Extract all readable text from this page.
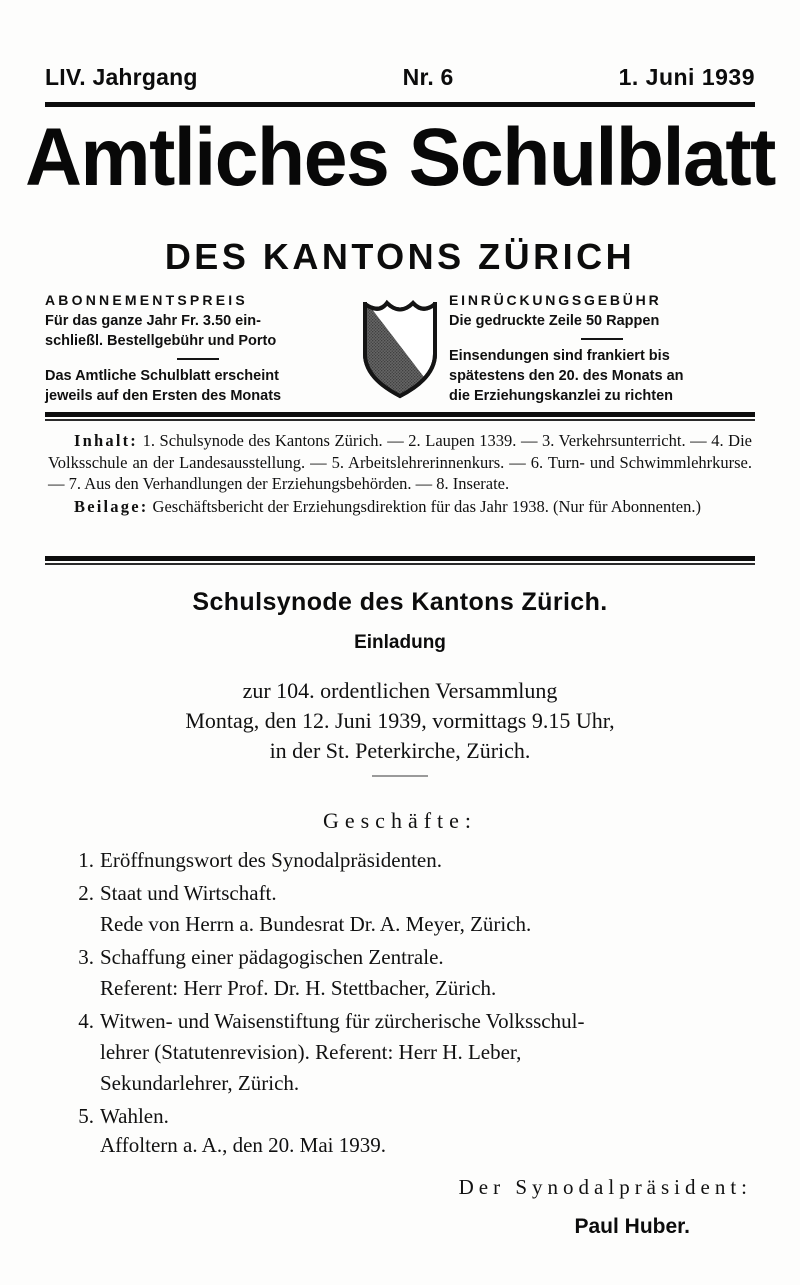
LIV. Jahrgang	Nr. 6	1. Juni 1939
Amtliches Schulblatt
DES KANTONS ZÜRICH
ABONNEMENTSPREIS
Für das ganze Jahr Fr. 3.50 ein-
schließl. Bestellgebühr und Porto
Das Amtliche Schulblatt erscheint
jeweils auf den Ersten des Monats
EINRÜCKUNGSGEBÜHR
Die gedruckte Zeile 50 Rappen
Einsendungen sind frankiert bis
spätestens den 20. des Monats an
die Erziehungskanzlei zu richten

Inhalt: 1. Schulsynode des Kantons Zürich. — 2. Laupen 1339. — 3. Verkehrsunterricht. — 4. Die Volksschule an der Landesausstellung. — 5. Arbeitslehrerinnenkurs. — 6. Turn- und Schwimmlehrkurse. — 7. Aus den Verhandlungen der Erziehungsbehörden. — 8. Inserate.

Beilage: Geschäftsbericht der Erziehungsdirektion für das Jahr 1938. (Nur für Abonnenten.)

Schulsynode des Kantons Zürich.
Einladung
zur 104. ordentlichen Versammlung
Montag, den 12. Juni 1939, vormittags 9.15 Uhr,
in der St. Peterkirche, Zürich.
Geschäfte:
1. Eröffnungswort des Synodalpräsidenten.
2. Staat und Wirtschaft.
Rede von Herrn a. Bundesrat Dr. A. Meyer, Zürich.
3. Schaffung einer pädagogischen Zentrale.
Referent: Herr Prof. Dr. H. Stettbacher, Zürich.
4. Witwen- und Waisenstiftung für zürcherische Volksschul-
lehrer (Statutenrevision). Referent: Herr H. Leber,
Sekundarlehrer, Zürich.
5. Wahlen.
Affoltern a. A., den 20. Mai 1939.
Der Synodalpräsident:
Paul Huber.
